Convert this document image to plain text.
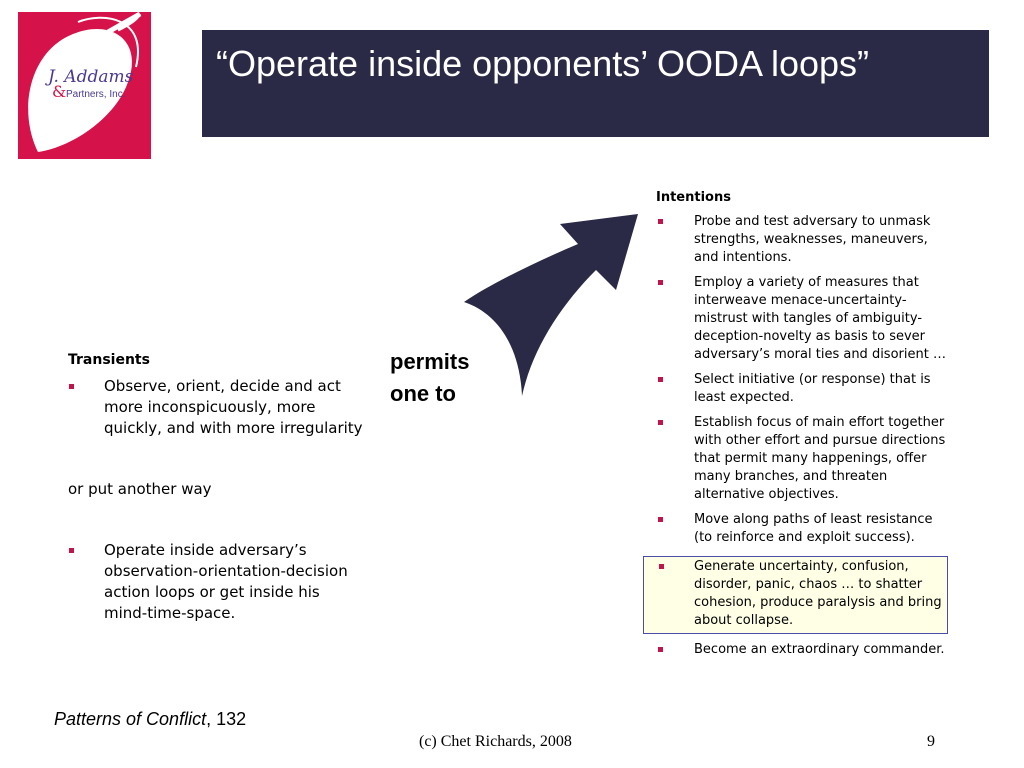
J. Addams
& Partners, Inc.
“Operate inside opponents’ OODA loops”
Transients
Observe, orient, decide and act more inconspicuously, more quickly, and with more irregularity
or put another way
Operate inside adversary’s observation-orientation-decision action loops or get inside his mind-time-space.
permits
one to
Intentions
Probe and test adversary to unmask strengths, weaknesses, maneuvers, and intentions.
Employ a variety of measures that interweave menace-uncertainty-mistrust with tangles of ambiguity-deception-novelty as basis to sever adversary’s moral ties and disorient …
Select initiative (or response) that is least expected.
Establish focus of main effort together with other effort and pursue directions that permit many happenings, offer many branches, and threaten alternative objectives.
Move along paths of least resistance (to reinforce and exploit success).
Generate uncertainty, confusion, disorder, panic, chaos … to shatter cohesion, produce paralysis and bring about collapse.
Become an extraordinary commander.
Patterns of Conflict, 132
(c) Chet Richards, 2008	9
